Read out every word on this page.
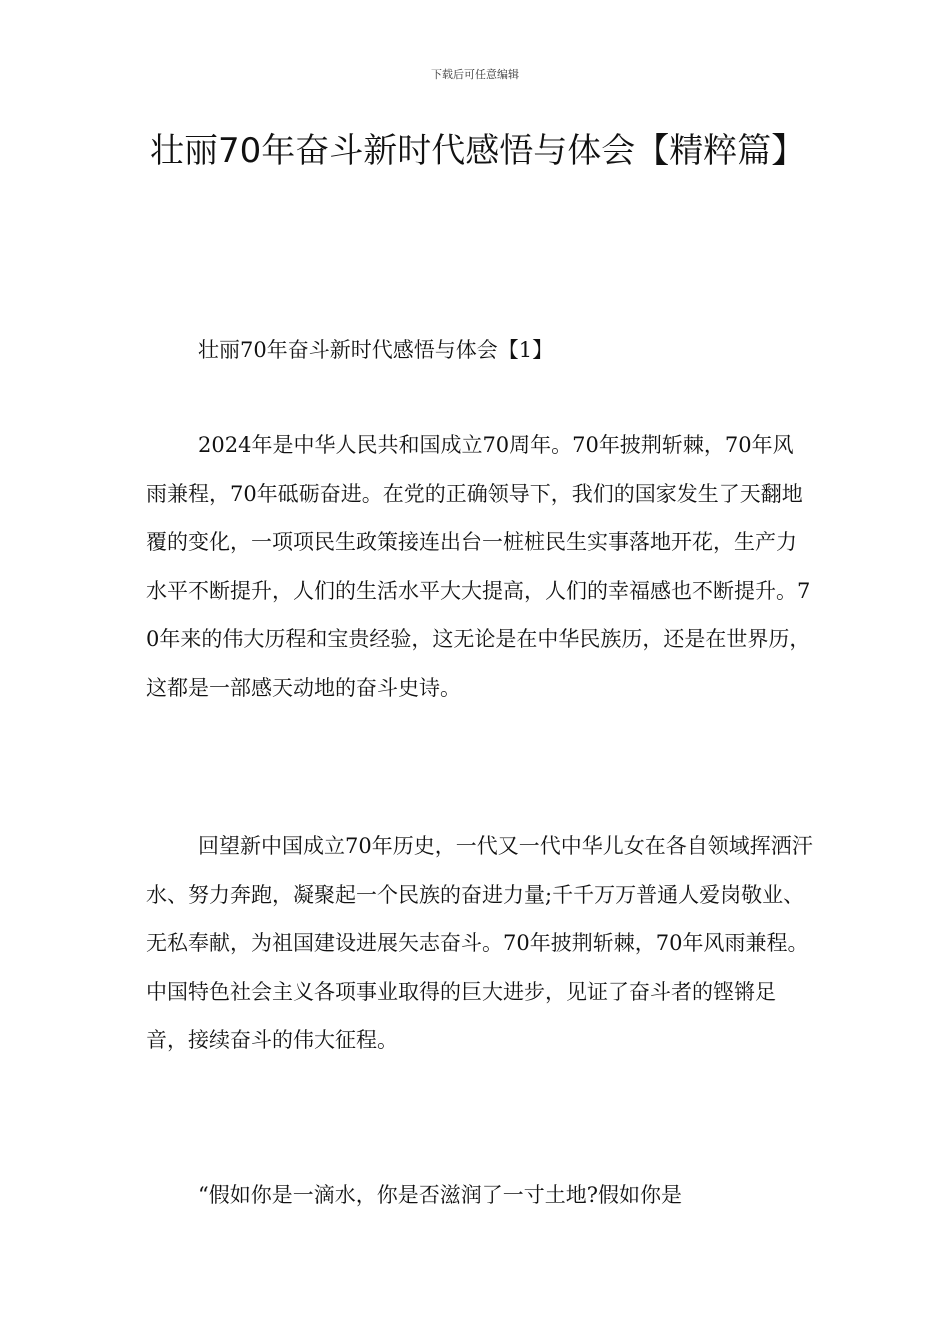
下载后可任意编辑
壮丽70年奋斗新时代感悟与体会【精粹篇】
壮丽70年奋斗新时代感悟与体会【1】

2024年是中华人民共和国成立70周年。70年披荆斩棘，70年风雨兼程，70年砥砺奋进。在党的正确领导下，我们的国家发生了天翻地覆的变化，一项项民生政策接连出台一桩桩民生实事落地开花，生产力水平不断提升，人们的生活水平大大提高，人们的幸福感也不断提升。70年来的伟大历程和宝贵经验，这无论是在中华民族历，还是在世界历，这都是一部感天动地的奋斗史诗。

回望新中国成立70年历史，一代又一代中华儿女在各自领域挥洒汗水、努力奔跑，凝聚起一个民族的奋进力量;千千万万普通人爱岗敬业、无私奉献，为祖国建设进展矢志奋斗。70年披荆斩棘，70年风雨兼程。中国特色社会主义各项事业取得的巨大进步，见证了奋斗者的铿锵足音，接续奋斗的伟大征程。

“假如你是一滴水，你是否滋润了一寸土地?假如你是
